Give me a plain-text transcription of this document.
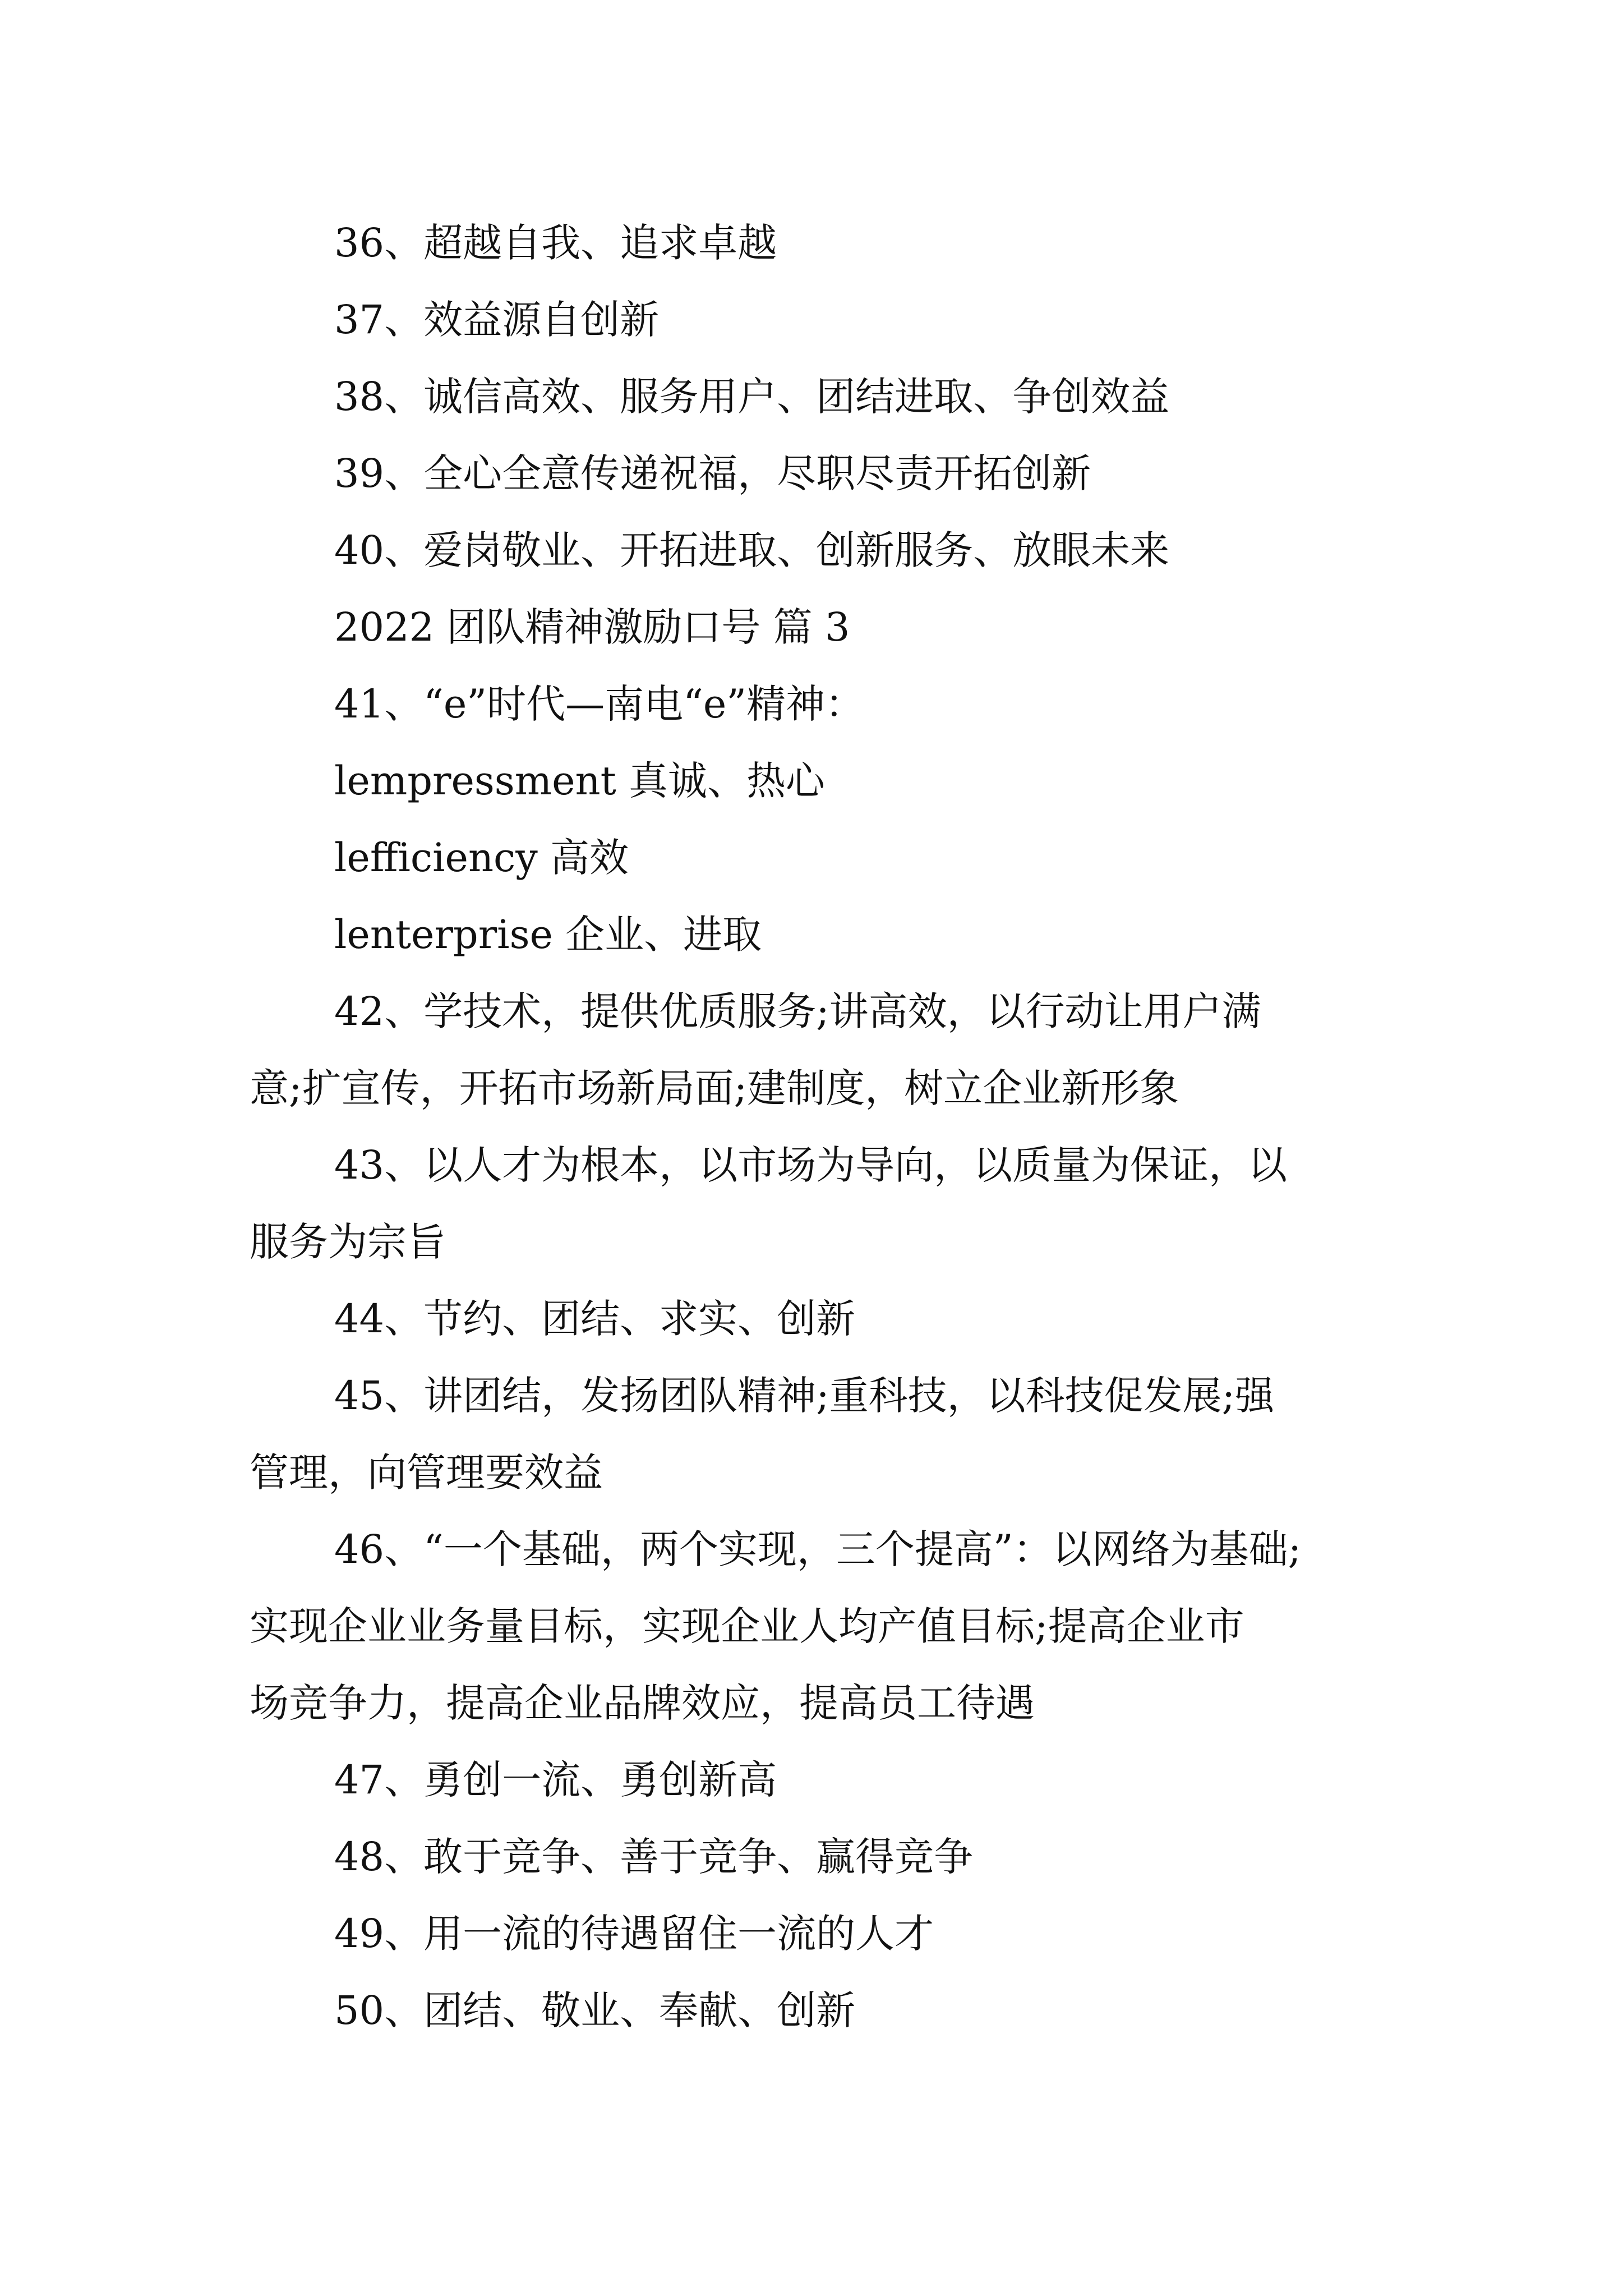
36、超越自我、追求卓越
37、效益源自创新
38、诚信高效、服务用户、团结进取、争创效益
39、全心全意传递祝福，尽职尽责开拓创新
40、爱岗敬业、开拓进取、创新服务、放眼未来
2022 团队精神激励口号 篇 3
41、“e”时代—南电“e”精神：
lempressment 真诚、热心
lefficiency 高效
lenterprise 企业、进取
42、学技术，提供优质服务;讲高效，以行动让用户满
意;扩宣传，开拓市场新局面;建制度，树立企业新形象
43、以人才为根本，以市场为导向，以质量为保证，以
服务为宗旨
44、节约、团结、求实、创新
45、讲团结，发扬团队精神;重科技，以科技促发展;强
管理，向管理要效益
46、“一个基础，两个实现，三个提高”：以网络为基础;
实现企业业务量目标，实现企业人均产值目标;提高企业市
场竞争力，提高企业品牌效应，提高员工待遇
47、勇创一流、勇创新高
48、敢于竞争、善于竞争、赢得竞争
49、用一流的待遇留住一流的人才
50、团结、敬业、奉献、创新
